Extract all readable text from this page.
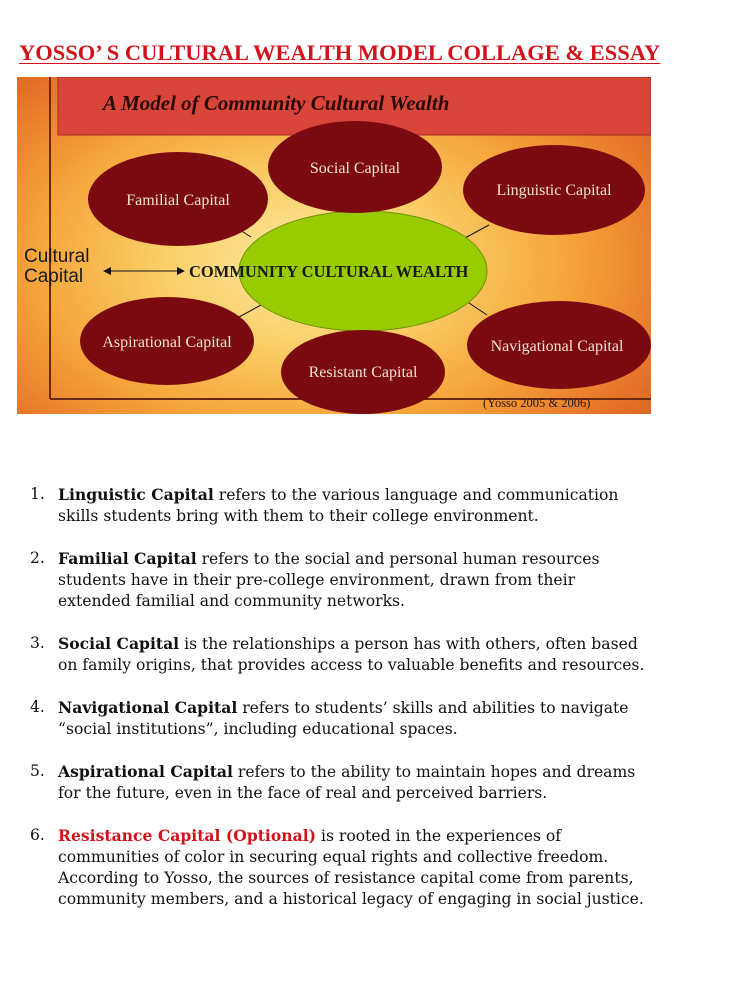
YOSSO’ S CULTURAL WEALTH MODEL COLLAGE & ESSAY
A Model of Community Cultural Wealth
Social Capital
Familial Capital
Linguistic Capital
Aspirational Capital
Resistant Capital
Navigational Capital
COMMUNITY CULTURAL WEALTH
Cultural
Capital
(Yosso 2005 & 2006)
1. Linguistic Capital refers to the various language and communication skills students bring with them to their college environment.
2. Familial Capital refers to the social and personal human resources students have in their pre-college environment, drawn from their extended familial and community networks.
3. Social Capital is the relationships a person has with others, often based on family origins, that provides access to valuable benefits and resources.
4. Navigational Capital refers to students’ skills and abilities to navigate “social institutions”, including educational spaces.
5. Aspirational Capital refers to the ability to maintain hopes and dreams for the future, even in the face of real and perceived barriers.
6. Resistance Capital (Optional) is rooted in the experiences of communities of color in securing equal rights and collective freedom. According to Yosso, the sources of resistance capital come from parents, community members, and a historical legacy of engaging in social justice.
